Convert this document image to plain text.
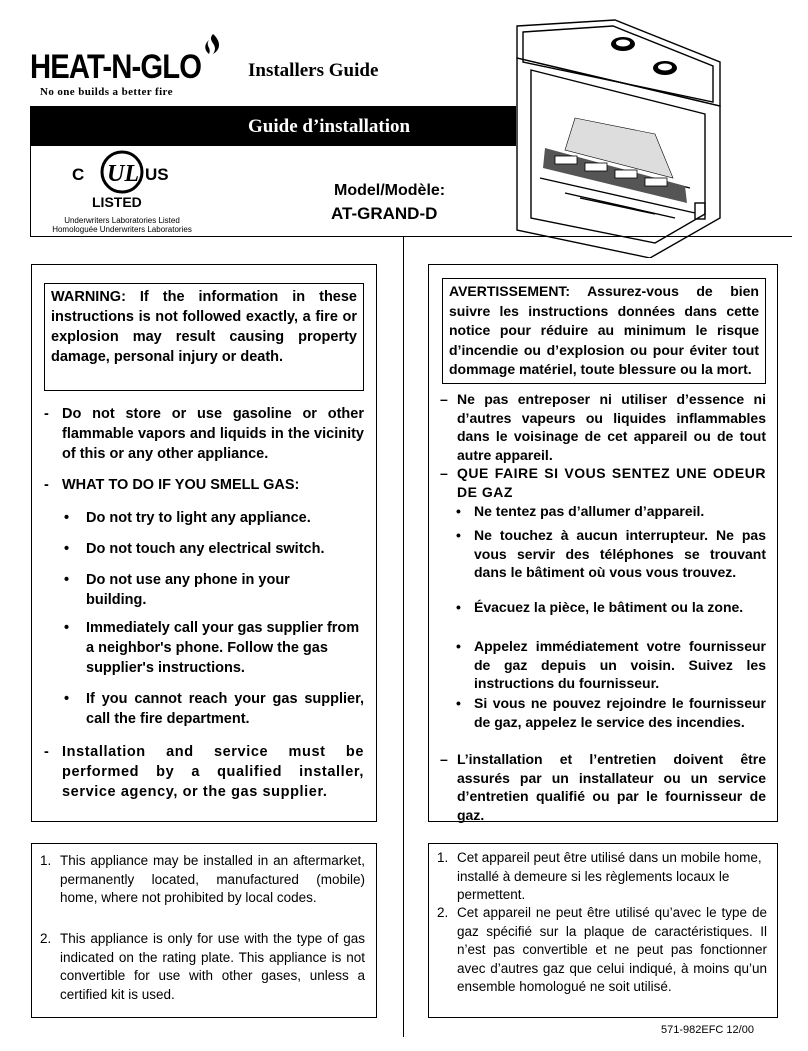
HEAT-N-GLO
No one builds a better fire
Installers Guide
Guide d’installation
C	US
UL
LISTED
Underwriters Laboratories Listed
Homologuée Underwriters Laboratories
Model/Modèle:
AT-GRAND-D
WARNING: If the information in these instructions is not followed exactly, a fire or explosion may result causing property damage, personal injury or death.
- Do not store or use gasoline or other flammable vapors and liquids in the vicinity of this or any other appliance.
- WHAT TO DO IF YOU SMELL GAS:
• Do not try to light any appliance.
• Do not touch any electrical switch.
• Do not use any phone in your building.
• Immediately call your gas supplier from a neighbor's phone. Follow the gas supplier's instructions.
• If you cannot reach your gas supplier, call the fire department.
- Installation and service must be performed by a qualified installer, service agency, or the gas supplier.
AVERTISSEMENT: Assurez-vous de bien suivre les instructions données dans cette notice pour réduire au minimum le risque d’incendie ou d’explosion ou pour éviter tout dommage matériel, toute blessure ou la mort.
– Ne pas entreposer ni utiliser d’essence ni d’autres vapeurs ou liquides inflammables dans le voisinage de cet appareil ou de tout autre appareil.
– QUE FAIRE SI VOUS SENTEZ UNE ODEUR DE GAZ
• Ne tentez pas d’allumer d’appareil.
• Ne touchez à aucun interrupteur. Ne pas vous servir des téléphones se trouvant dans le bâtiment où vous vous trouvez.
• Évacuez la pièce, le bâtiment ou la zone.
• Appelez immédiatement votre fournisseur de gaz depuis un voisin. Suivez les instructions du fournisseur.
• Si vous ne pouvez rejoindre le fournisseur de gaz, appelez le service des incendies.
– L’installation et l’entretien doivent être assurés par un installateur ou un service d’entretien qualifié ou par le fournisseur de gaz.
1. This appliance may be installed in an aftermarket, permanently located, manufactured (mobile) home, where not prohibited by local codes.
2. This appliance is only for use with the type of gas indicated on the rating plate. This appliance is not convertible for use with other gases, unless a certified kit is used.
1. Cet appareil peut être utilisé dans un mobile home, installé à demeure si les règlements locaux le permettent.
2. Cet appareil ne peut être utilisé qu’avec le type de gaz spécifié sur la plaque de caractéristiques. Il n’est pas convertible et ne peut pas fonctionner avec d’autres gaz que celui indiqué, à moins qu’un ensemble homologué ne soit utilisé.
571-982EFC 12/00
